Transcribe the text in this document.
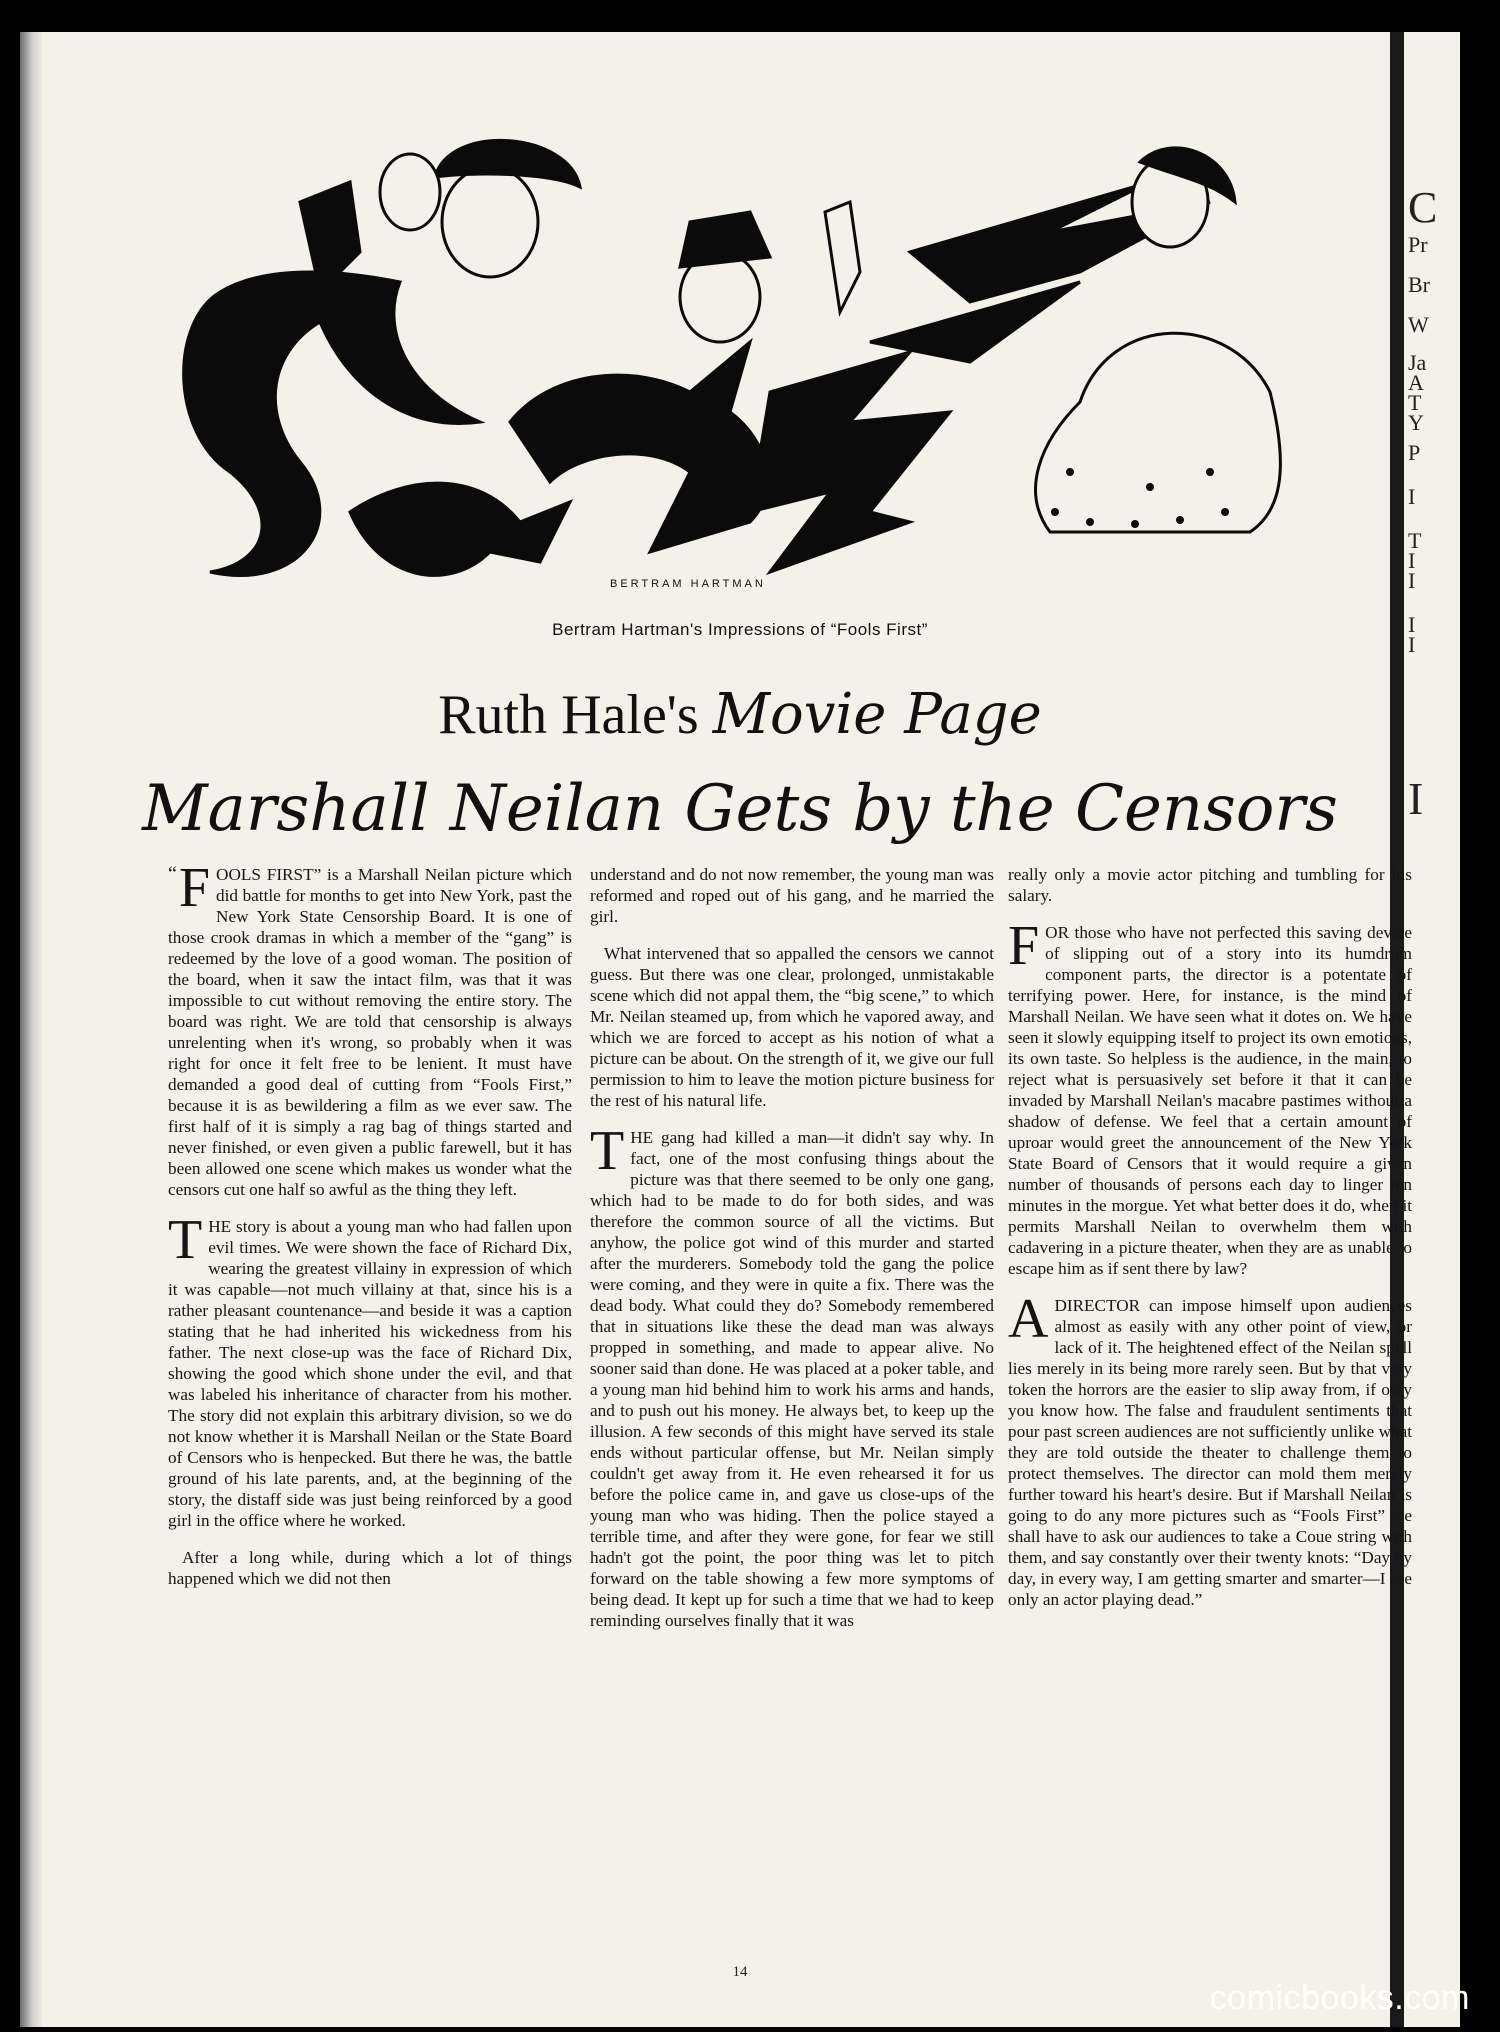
C
Pr
Br
W
Ja
A
T
Y
P
I
T
I
I
I
I
I
BERTRAM HARTMAN
Bertram Hartman's Impressions of “Fools First”
Ruth Hale's Movie Page
Marshall Neilan Gets by the Censors

“ F OOLS FIRST” is a Marshall Neilan picture which did battle for months to get into New York, past the New York State Censorship Board. It is one of those crook dramas in which a member of the “gang” is redeemed by the love of a good woman. The position of the board, when it saw the intact film, was that it was impossible to cut without removing the entire story. The board was right. We are told that censorship is always unrelenting when it's wrong, so probably when it was right for once it felt free to be lenient. It must have demanded a good deal of cutting from “Fools First,” because it is as bewildering a film as we ever saw. The first half of it is simply a rag bag of things started and never finished, or even given a public farewell, but it has been allowed one scene which makes us wonder what the censors cut one half so awful as the thing they left.

THE story is about a young man who had fallen upon evil times. We were shown the face of Richard Dix, wearing the greatest villainy in expression of which it was capable—not much villainy at that, since his is a rather pleasant countenance—and beside it was a caption stating that he had inherited his wickedness from his father. The next close-up was the face of Richard Dix, showing the good which shone under the evil, and that was labeled his inheritance of character from his mother. The story did not explain this arbitrary division, so we do not know whether it is Marshall Neilan or the State Board of Censors who is henpecked. But there he was, the battle ground of his late parents, and, at the beginning of the story, the distaff side was just being reinforced by a good girl in the office where he worked.

After a long while, during which a lot of things happened which we did not then

understand and do not now remember, the young man was reformed and roped out of his gang, and he married the girl.

What intervened that so appalled the censors we cannot guess. But there was one clear, prolonged, unmistakable scene which did not appal them, the “big scene,” to which Mr. Neilan steamed up, from which he vapored away, and which we are forced to accept as his notion of what a picture can be about. On the strength of it, we give our full permission to him to leave the motion picture business for the rest of his natural life.

THE gang had killed a man—it didn't say why. In fact, one of the most confusing things about the picture was that there seemed to be only one gang, which had to be made to do for both sides, and was therefore the common source of all the victims. But anyhow, the police got wind of this murder and started after the murderers. Somebody told the gang the police were coming, and they were in quite a fix. There was the dead body. What could they do? Somebody remembered that in situations like these the dead man was always propped in something, and made to appear alive. No sooner said than done. He was placed at a poker table, and a young man hid behind him to work his arms and hands, and to push out his money. He always bet, to keep up the illusion. A few seconds of this might have served its stale ends without particular offense, but Mr. Neilan simply couldn't get away from it. He even rehearsed it for us before the police came in, and gave us close-ups of the young man who was hiding. Then the police stayed a terrible time, and after they were gone, for fear we still hadn't got the point, the poor thing was let to pitch forward on the table showing a few more symptoms of being dead. It kept up for such a time that we had to keep reminding ourselves finally that it was

really only a movie actor pitching and tumbling for his salary.

FOR those who have not perfected this saving device of slipping out of a story into its humdrum component parts, the director is a potentate of terrifying power. Here, for instance, is the mind of Marshall Neilan. We have seen what it dotes on. We have seen it slowly equipping itself to project its own emotions, its own taste. So helpless is the audience, in the main, to reject what is persuasively set before it that it can be invaded by Marshall Neilan's macabre pastimes without a shadow of defense. We feel that a certain amount of uproar would greet the announcement of the New York State Board of Censors that it would require a given number of thousands of persons each day to linger ten minutes in the morgue. Yet what better does it do, when it permits Marshall Neilan to overwhelm them with cadavering in a picture theater, when they are as unable to escape him as if sent there by law?

A DIRECTOR can impose himself upon audiences almost as easily with any other point of view, or lack of it. The heightened effect of the Neilan spell lies merely in its being more rarely seen. But by that very token the horrors are the easier to slip away from, if only you know how. The false and fraudulent sentiments that pour past screen audiences are not sufficiently unlike what they are told outside the theater to challenge them to protect themselves. The director can mold them merely further toward his heart's desire. But if Marshall Neilan is going to do any more pictures such as “Fools First” we shall have to ask our audiences to take a Coue string with them, and say constantly over their twenty knots: “Day by day, in every way, I am getting smarter and smarter—I see only an actor playing dead.”

14
comicbooks.com
